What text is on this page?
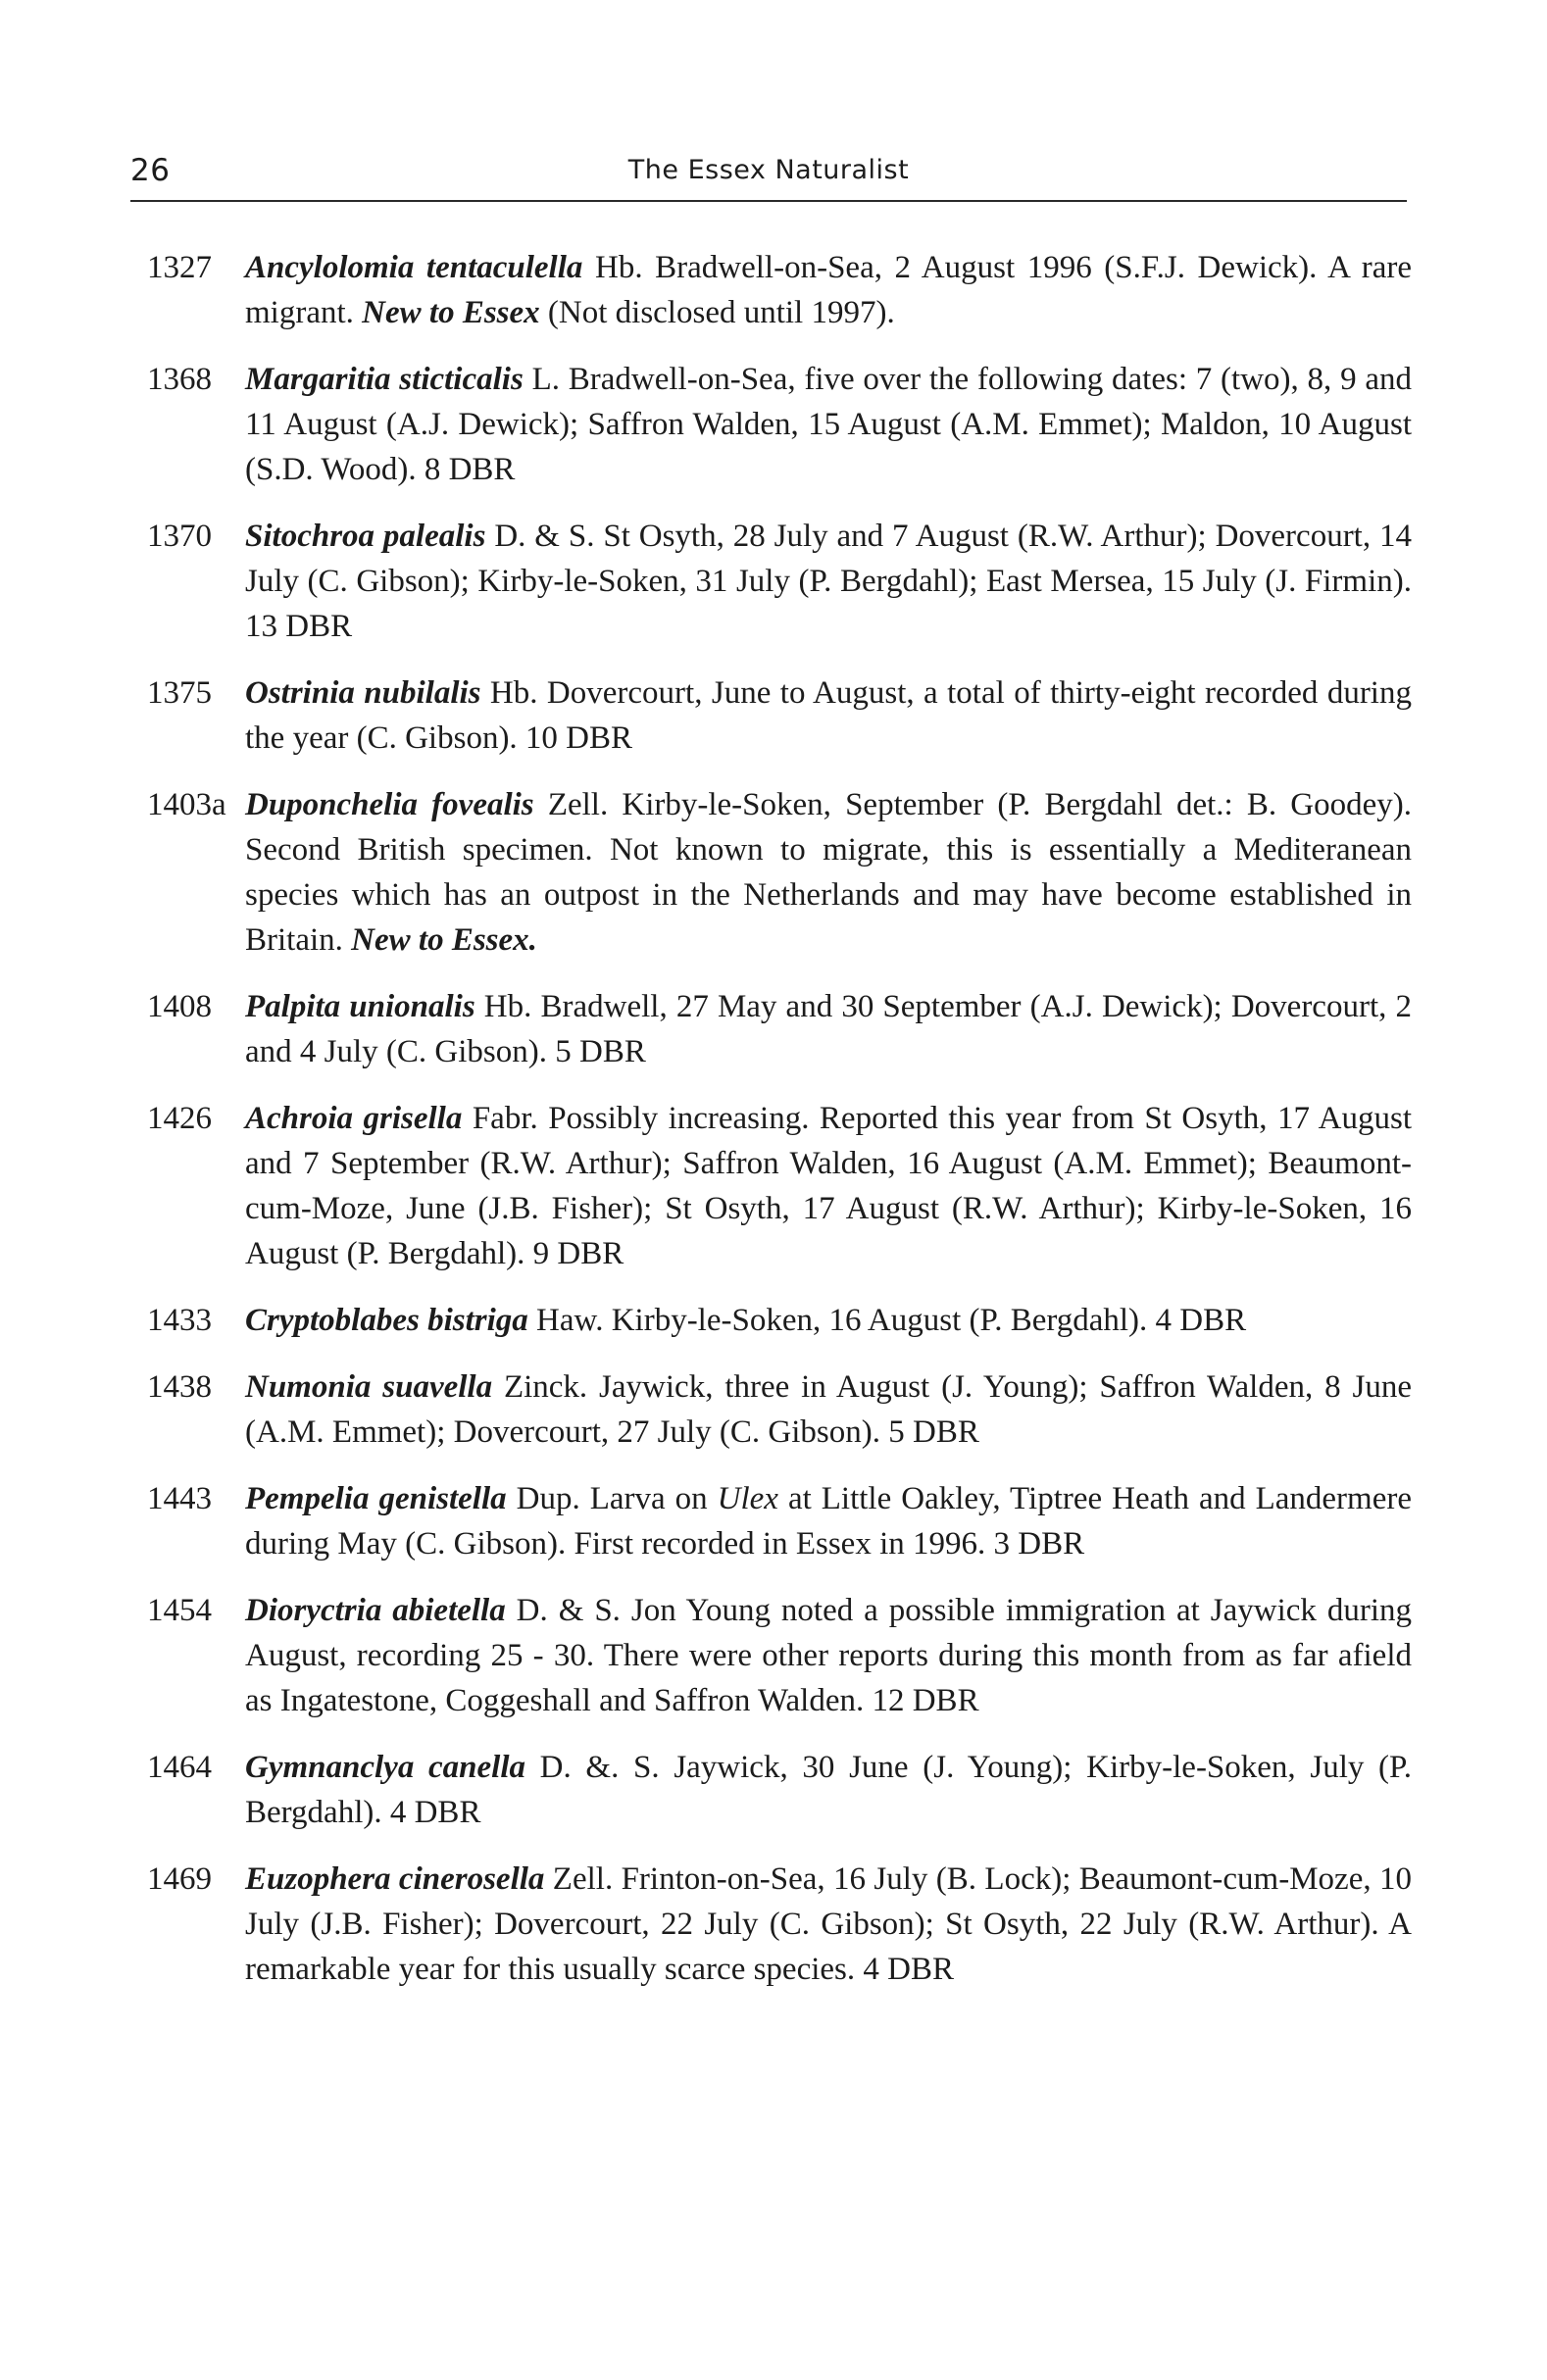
26	The Essex Naturalist
1327	Ancylolomia tentaculella Hb. Bradwell-on-Sea, 2 August 1996 (S.F.J. Dewick). A rare migrant. New to Essex (Not disclosed until 1997).
1368	Margaritia sticticalis L. Bradwell-on-Sea, five over the following dates: 7 (two), 8, 9 and 11 August (A.J. Dewick); Saffron Walden, 15 August (A.M. Emmet); Maldon, 10 August (S.D. Wood). 8 DBR
1370	Sitochroa palealis D. & S. St Osyth, 28 July and 7 August (R.W. Arthur); Dovercourt, 14 July (C. Gibson); Kirby-le-Soken, 31 July (P. Bergdahl); East Mersea, 15 July (J. Firmin). 13 DBR
1375	Ostrinia nubilalis Hb. Dovercourt, June to August, a total of thirty-eight recorded during the year (C. Gibson). 10 DBR
1403a Duponchelia fovealis Zell. Kirby-le-Soken, September (P. Bergdahl det.: B. Goodey). Second British specimen. Not known to migrate, this is essentially a Mediteranean species which has an outpost in the Netherlands and may have become established in Britain. New to Essex.
1408	Palpita unionalis Hb. Bradwell, 27 May and 30 September (A.J. Dewick); Dovercourt, 2 and 4 July (C. Gibson). 5 DBR
1426	Achroia grisella Fabr. Possibly increasing. Reported this year from St Osyth, 17 August and 7 September (R.W. Arthur); Saffron Walden, 16 August (A.M. Emmet); Beaumont-cum-Moze, June (J.B. Fisher); St Osyth, 17 August (R.W. Arthur); Kirby-le-Soken, 16 August (P. Bergdahl). 9 DBR
1433	Cryptoblabes bistriga Haw. Kirby-le-Soken, 16 August (P. Bergdahl). 4 DBR
1438	Numonia suavella Zinck. Jaywick, three in August (J. Young); Saffron Walden, 8 June (A.M. Emmet); Dovercourt, 27 July (C. Gibson). 5 DBR
1443	Pempelia genistella Dup. Larva on Ulex at Little Oakley, Tiptree Heath and Landermere during May (C. Gibson). First recorded in Essex in 1996. 3 DBR
1454	Dioryctria abietella D. & S. Jon Young noted a possible immigration at Jaywick during August, recording 25 - 30. There were other reports during this month from as far afield as Ingatestone, Coggeshall and Saffron Walden. 12 DBR
1464	Gymnanclya canella D. &. S. Jaywick, 30 June (J. Young); Kirby-le-Soken, July (P. Bergdahl). 4 DBR
1469	Euzophera cinerosella Zell. Frinton-on-Sea, 16 July (B. Lock); Beaumont-cum-Moze, 10 July (J.B. Fisher); Dovercourt, 22 July (C. Gibson); St Osyth, 22 July (R.W. Arthur). A remarkable year for this usually scarce species. 4 DBR
